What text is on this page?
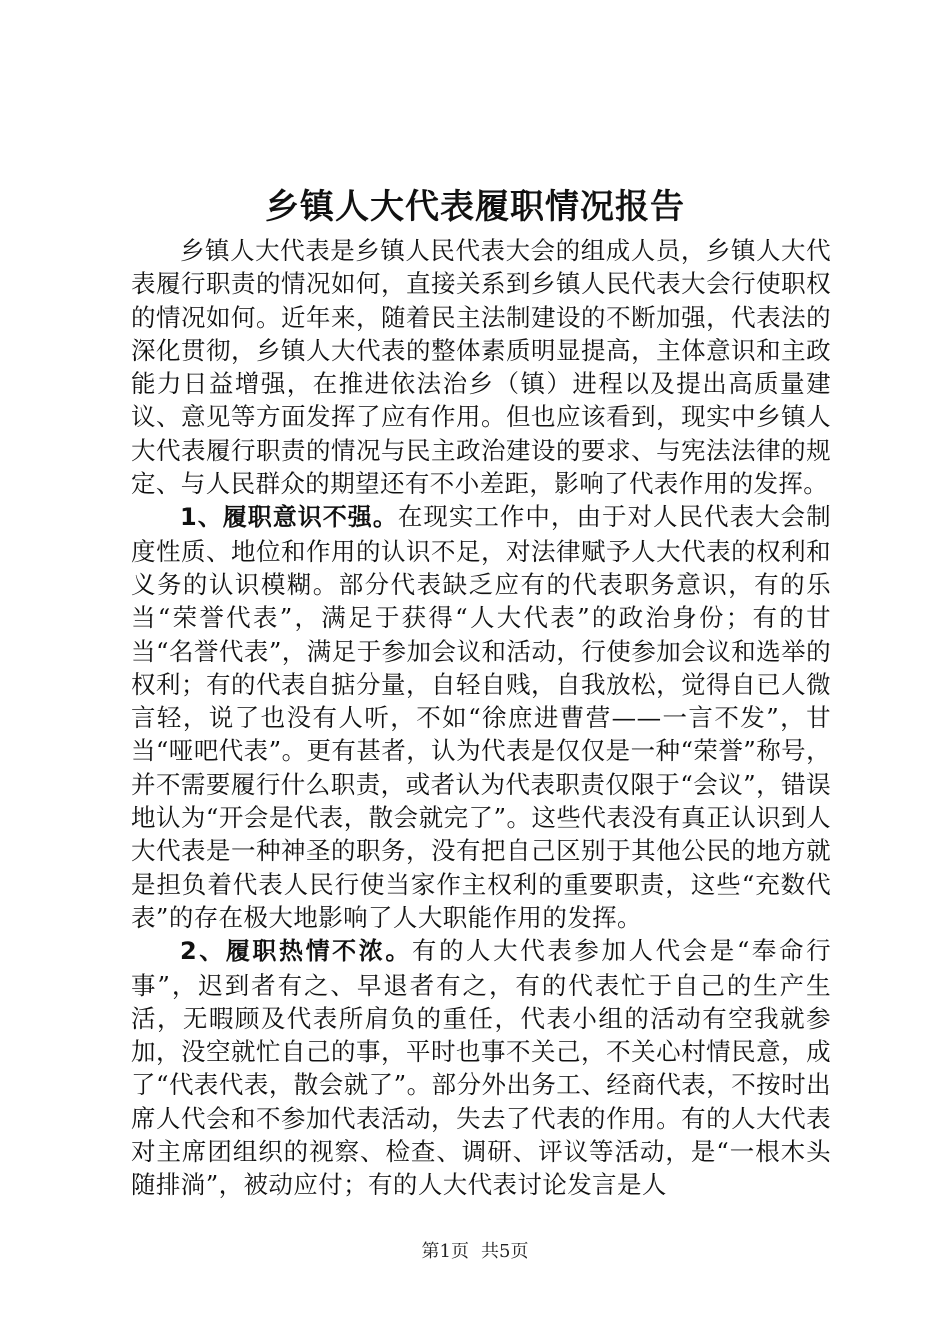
乡镇人大代表履职情况报告

乡镇人大代表是乡镇人民代表大会的组成人员，乡镇人大代表履行职责的情况如何，直接关系到乡镇人民代表大会行使职权的情况如何。近年来，随着民主法制建设的不断加强，代表法的深化贯彻，乡镇人大代表的整体素质明显提高，主体意识和主政能力日益增强，在推进依法治乡（镇）进程以及提出高质量建议、意见等方面发挥了应有作用。但也应该看到，现实中乡镇人大代表履行职责的情况与民主政治建设的要求、与宪法法律的规定、与人民群众的期望还有不小差距，影响了代表作用的发挥。

1、履职意识不强。在现实工作中，由于对人民代表大会制度性质、地位和作用的认识不足，对法律赋予人大代表的权利和义务的认识模糊。部分代表缺乏应有的代表职务意识，有的乐当“荣誉代表”，满足于获得“人大代表”的政治身份；有的甘当“名誉代表”，满足于参加会议和活动，行使参加会议和选举的权利；有的代表自掂分量，自轻自贱，自我放松，觉得自已人微言轻，说了也没有人听，不如“徐庶进曹营——一言不发”，甘当“哑吧代表”。更有甚者，认为代表是仅仅是一种“荣誉”称号，并不需要履行什么职责，或者认为代表职责仅限于“会议”，错误地认为“开会是代表，散会就完了”。这些代表没有真正认识到人大代表是一种神圣的职务，没有把自己区别于其他公民的地方就是担负着代表人民行使当家作主权利的重要职责，这些“充数代表”的存在极大地影响了人大职能作用的发挥。

2、履职热情不浓。有的人大代表参加人代会是“奉命行事”，迟到者有之、早退者有之，有的代表忙于自己的生产生活，无暇顾及代表所肩负的重任，代表小组的活动有空我就参加，没空就忙自己的事，平时也事不关己，不关心村情民意，成了“代表代表，散会就了”。部分外出务工、经商代表，不按时出席人代会和不参加代表活动，失去了代表的作用。有的人大代表对主席团组织的视察、检查、调研、评议等活动，是“一根木头随排淌”，被动应付；有的人大代表讨论发言是人

第1页 共5页
